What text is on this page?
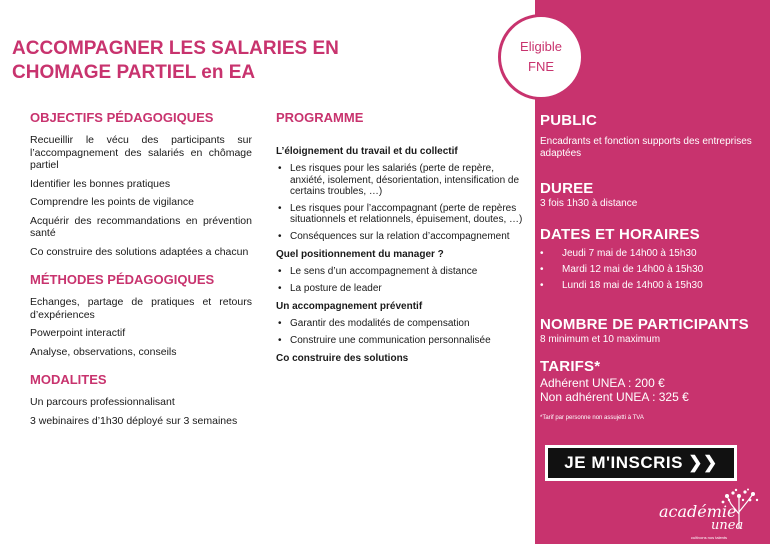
Eligible
FNE
ACCOMPAGNER LES SALARIES EN
CHOMAGE PARTIEL en EA
OBJECTIFS PÉDAGOGIQUES
Recueillir le vécu des participants sur l’accompagnement des salariés en chômage partiel
Identifier les bonnes pratiques
Comprendre les points de vigilance
Acquérir des recommandations en prévention santé
Co construire des solutions adaptées a chacun
MÉTHODES PÉDAGOGIQUES
Echanges, partage de pratiques et retours d’expériences
Powerpoint interactif
Analyse, observations, conseils
MODALITES
Un parcours professionnalisant
3 webinaires d’1h30 déployé sur 3 semaines
PROGRAMME
L’éloignement du travail et du collectif
• Les risques pour les salariés (perte de repère, anxiété, isolement, désorientation, intensification de certains troubles, …)
• Les risques pour l’accompagnant (perte de repères situationnels et relationnels, épuisement, doutes, …)
• Conséquences sur la relation d’accompagnement
Quel positionnement du manager ?
• Le sens d’un accompagnement à distance
• La posture de leader
Un accompagnement préventif
• Garantir des modalités de compensation
• Construire une communication personnalisée
Co construire des solutions
PUBLIC
Encadrants et fonction supports des entreprises adaptées
DUREE
3 fois 1h30 à distance
DATES ET HORAIRES
• Jeudi 7 mai de 14h00 à 15h30
• Mardi 12 mai de 14h00 à 15h30
• Lundi 18 mai de 14h00 à 15h30
NOMBRE DE PARTICIPANTS
8 minimum et 10 maximum
TARIFS*
Adhérent UNEA : 200 €
Non adhérent UNEA : 325 €
*Tarif par personne non assujetti à TVA
JE M'INSCRIS ❯❯
académie
unea
cultivons nos talents
